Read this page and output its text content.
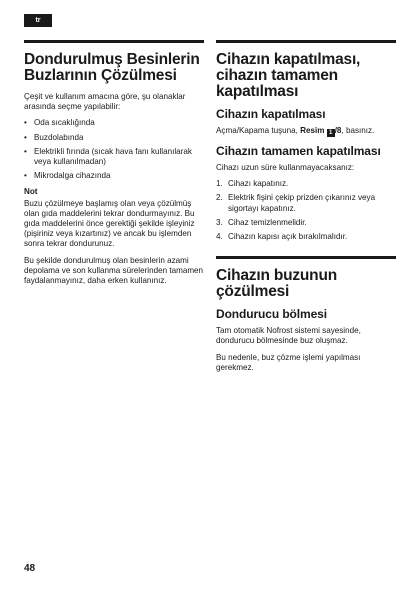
tr
Dondurulmuş Besinlerin Buzlarının Çözülmesi

Çeşit ve kullanım amacına göre, şu olanaklar arasında seçme yapılabilir:

• Oda sıcaklığında
• Buzdolabında
• Elektrikli fırında (sıcak hava fanı kullanılarak veya kullanılmadan)
• Mikrodalga cihazında

Not

Buzu çözülmeye başlamış olan veya çözülmüş olan gıda maddelerini tekrar dondurmayınız. Bu gıda maddelerini önce gerektiği şekilde işleyiniz (pişiriniz veya kızartınız) ve ancak bu işlemden sonra tekrar dondurunuz.

Bu şekilde dondurulmuş olan besinlerin azami depolama ve son kullanma sürelerinden tamamen faydalanmayınız, daha erken kullanınız.

Cihazın kapatılması, cihazın tamamen kapatılması
Cihazın kapatılması

Açma/Kapama tuşuna, Resim 1 /8, basınız.

Cihazın tamamen kapatılması

Cihazı uzun süre kullanmayacaksanız:

1. Cihazı kapatınız.
2. Elektrik fişini çekip prizden çıkarınız veya sigortayı kapatınız.
3. Cihaz temizlenmelidir.
4. Cihazın kapısı açık bırakılmalıdır.
Cihazın buzunun çözülmesi
Dondurucu bölmesi

Tam otomatik Nofrost sistemi sayesinde, dondurucu bölmesinde buz oluşmaz.

Bu nedenle, buz çözme işlemi yapılması gerekmez.

48
